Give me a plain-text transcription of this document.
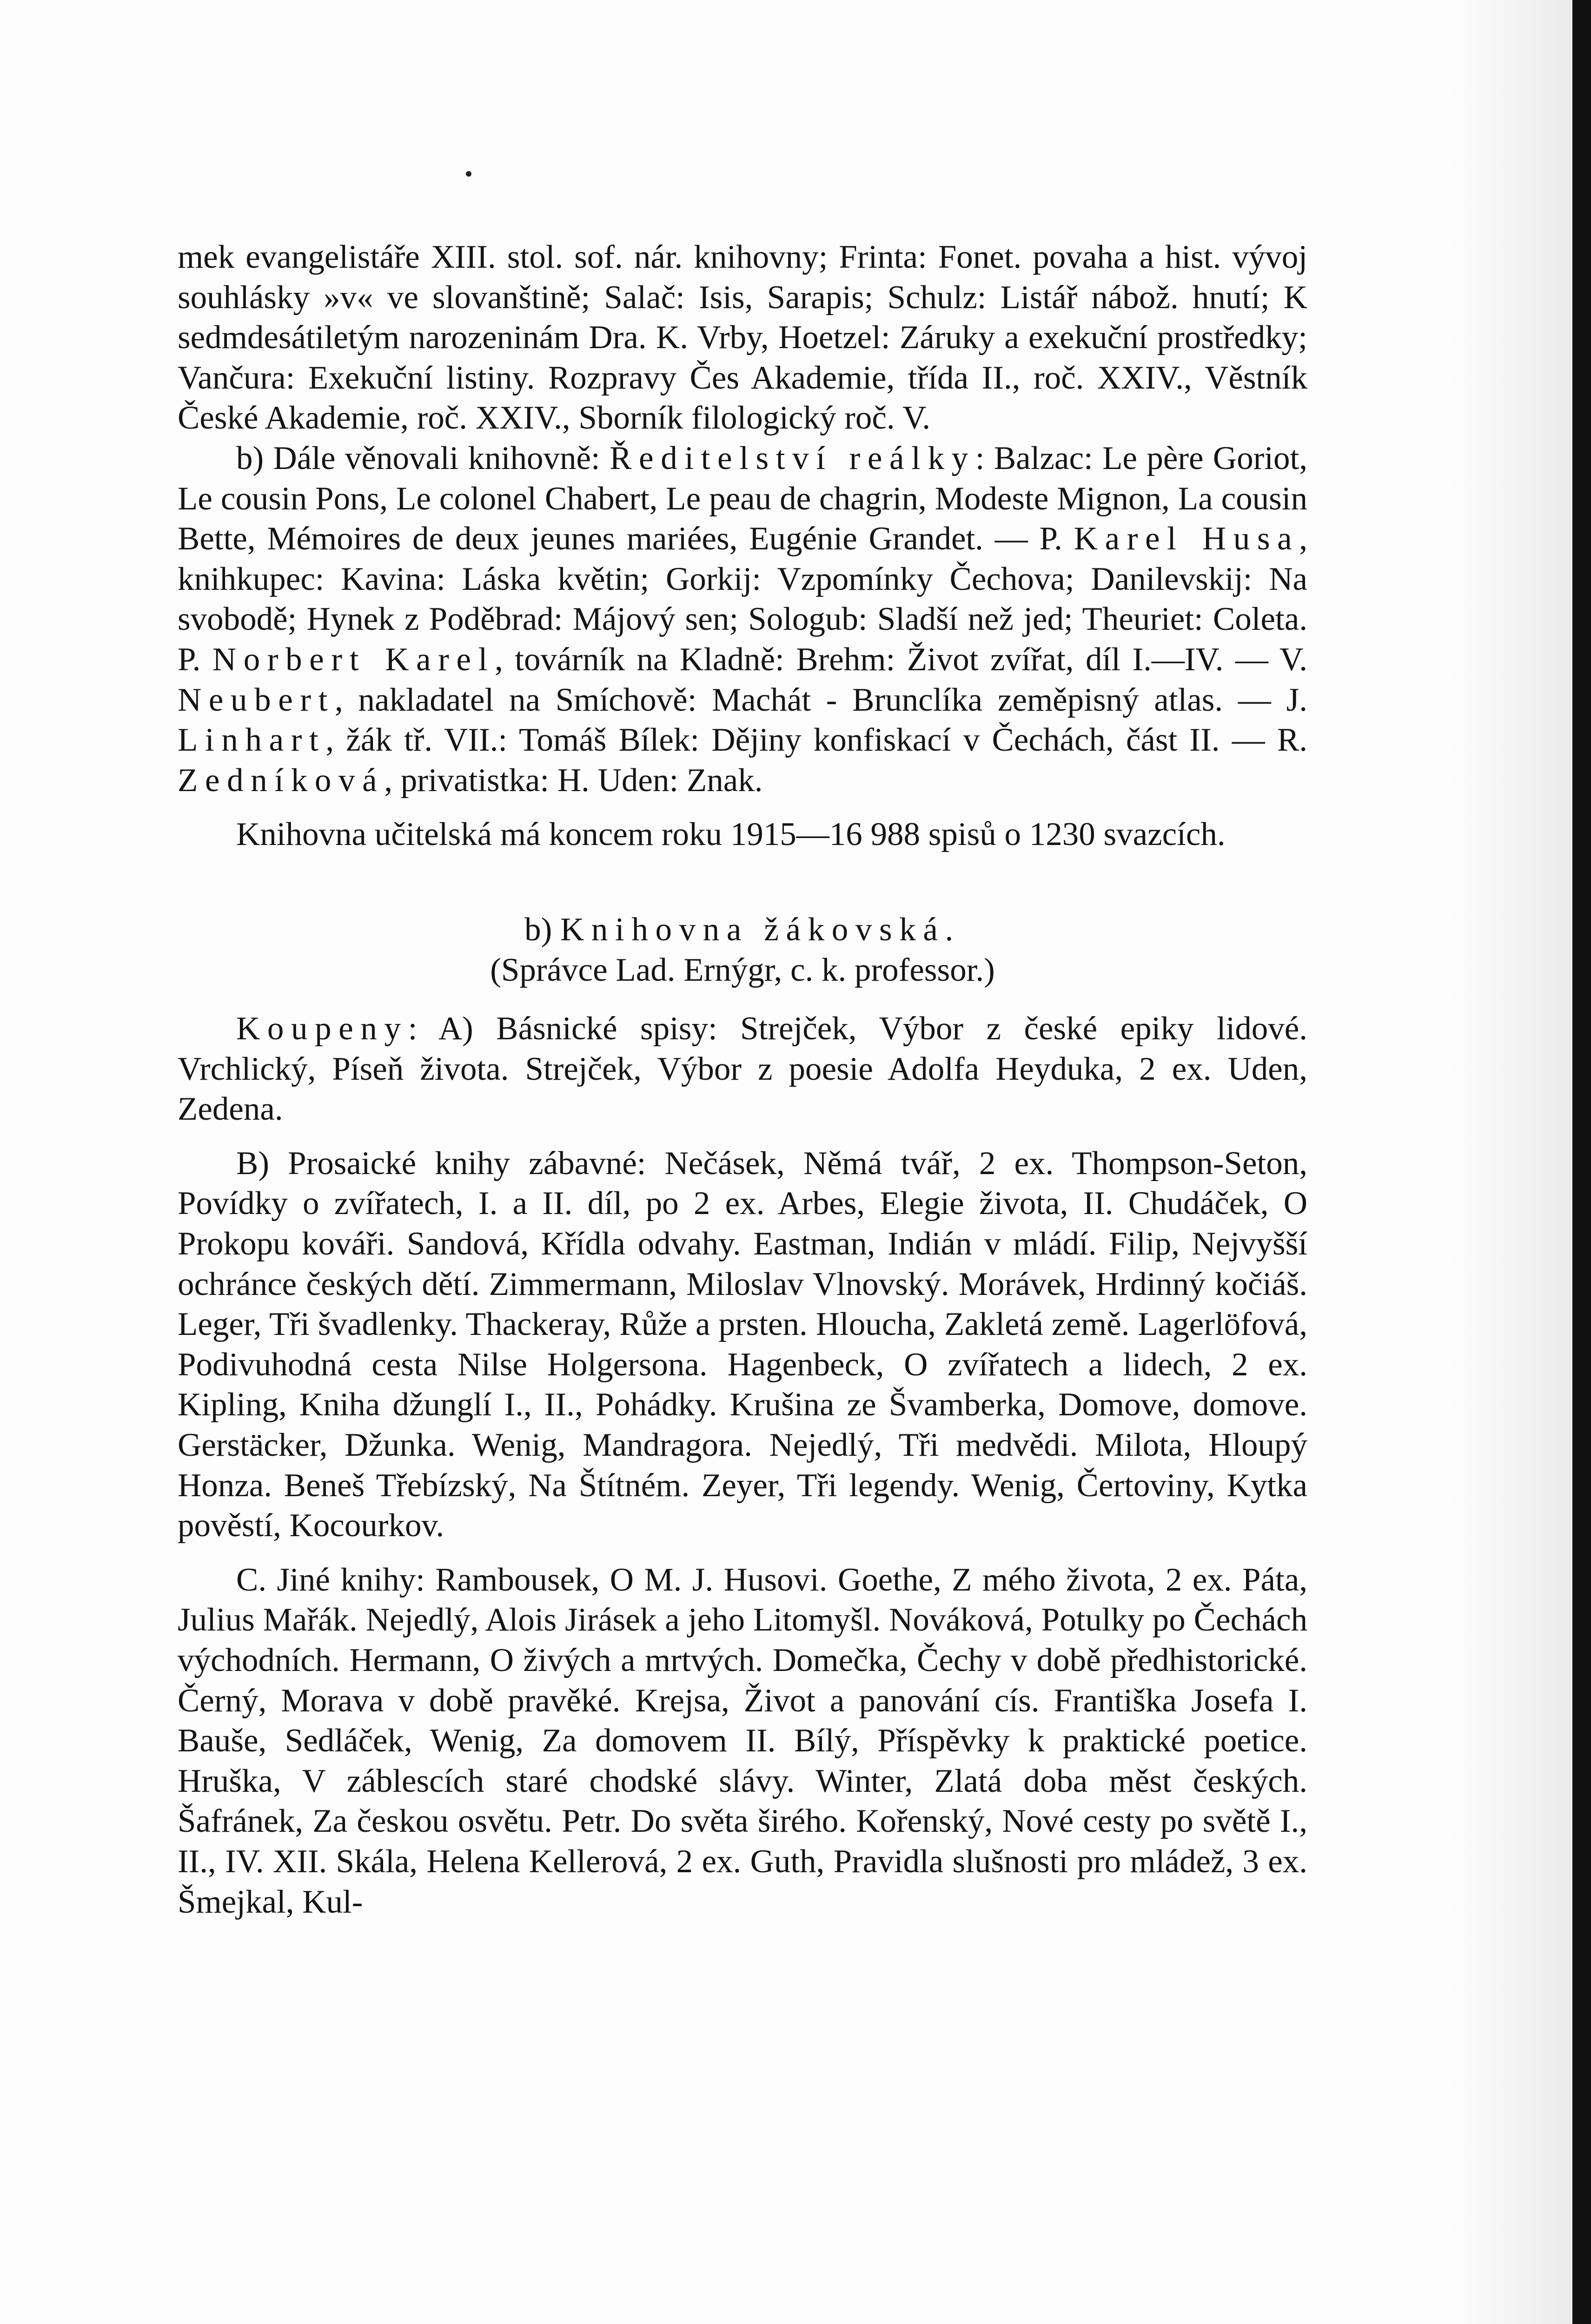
mek evangelistáře XIII. stol. sof. nár. knihovny; Frinta: Fonet. povaha a hist. vývoj souhlásky »v« ve slovanštině; Salač: Isis, Sarapis; Schulz: Listář nábož. hnutí; K sedmdesátiletým narozeninám Dra. K. Vrby, Hoetzel: Záruky a exekuční prostředky; Vančura: Exekuční listiny. Rozpravy Čes Akademie, třída II., roč. XXIV., Věstník České Akademie, roč. XXIV., Sborník filologický roč. V.

b) Dále věnovali knihovně: Ředitelství reálky: Balzac: Le père Goriot, Le cousin Pons, Le colonel Chabert, Le peau de chagrin, Modeste Mignon, La cousin Bette, Mémoires de deux jeunes mariées, Eugénie Grandet. — P. Karel Husa, knihkupec: Kavina: Láska květin; Gorkij: Vzpomínky Čechova; Danilevskij: Na svobodě; Hynek z Poděbrad: Májový sen; Sologub: Sladší než jed; Theuriet: Coleta. P. Norbert Karel, továrník na Kladně: Brehm: Život zvířat, díl I.—IV. — V. Neubert, nakladatel na Smíchově: Machát - Brunclíka zeměpisný atlas. — J. Linhart, žák tř. VII.: Tomáš Bílek: Dějiny konfiskací v Čechách, část II. — R. Zedníková, privatistka: H. Uden: Znak.

Knihovna učitelská má koncem roku 1915—16 988 spisů o 1230 svazcích.

b) Knihovna žákovská.

(Správce Lad. Ernýgr, c. k. professor.)

Koupeny: A) Básnické spisy: Strejček, Výbor z české epiky lidové. Vrchlický, Píseň života. Strejček, Výbor z poesie Adolfa Heyduka, 2 ex. Uden, Zedena.

B) Prosaické knihy zábavné: Nečásek, Němá tvář, 2 ex. Thompson-Seton, Povídky o zvířatech, I. a II. díl, po 2 ex. Arbes, Elegie života, II. Chudáček, O Prokopu kováři. Sandová, Křídla odvahy. Eastman, Indián v mládí. Filip, Nejvyšší ochránce českých dětí. Zimmermann, Miloslav Vlnovský. Morávek, Hrdinný kočiáš. Leger, Tři švadlenky. Thackeray, Růže a prsten. Hloucha, Zakletá země. Lagerlöfová, Podivuhodná cesta Nilse Holgersona. Hagenbeck, O zvířatech a lidech, 2 ex. Kipling, Kniha džunglí I., II., Pohádky. Krušina ze Švamberka, Domove, domove. Gerstäcker, Džunka. Wenig, Mandragora. Nejedlý, Tři medvědi. Milota, Hloupý Honza. Beneš Třebízský, Na Štítném. Zeyer, Tři legendy. Wenig, Čertoviny, Kytka pověstí, Kocourkov.

C. Jiné knihy: Rambousek, O M. J. Husovi. Goethe, Z mého života, 2 ex. Páta, Julius Mařák. Nejedlý, Alois Jirásek a jeho Litomyšl. Nováková, Potulky po Čechách východních. Hermann, O živých a mrtvých. Domečka, Čechy v době předhistorické. Černý, Morava v době pravěké. Krejsa, Život a panování cís. Františka Josefa I. Bauše, Sedláček, Wenig, Za domovem II. Bílý, Příspěvky k praktické poetice. Hruška, V záblescích staré chodské slávy. Winter, Zlatá doba měst českých. Šafránek, Za českou osvětu. Petr. Do světa širého. Kořenský, Nové cesty po světě I., II., IV. XII. Skála, Helena Kellerová, 2 ex. Guth, Pravidla slušnosti pro mládež, 3 ex. Šmejkal, Kul-
